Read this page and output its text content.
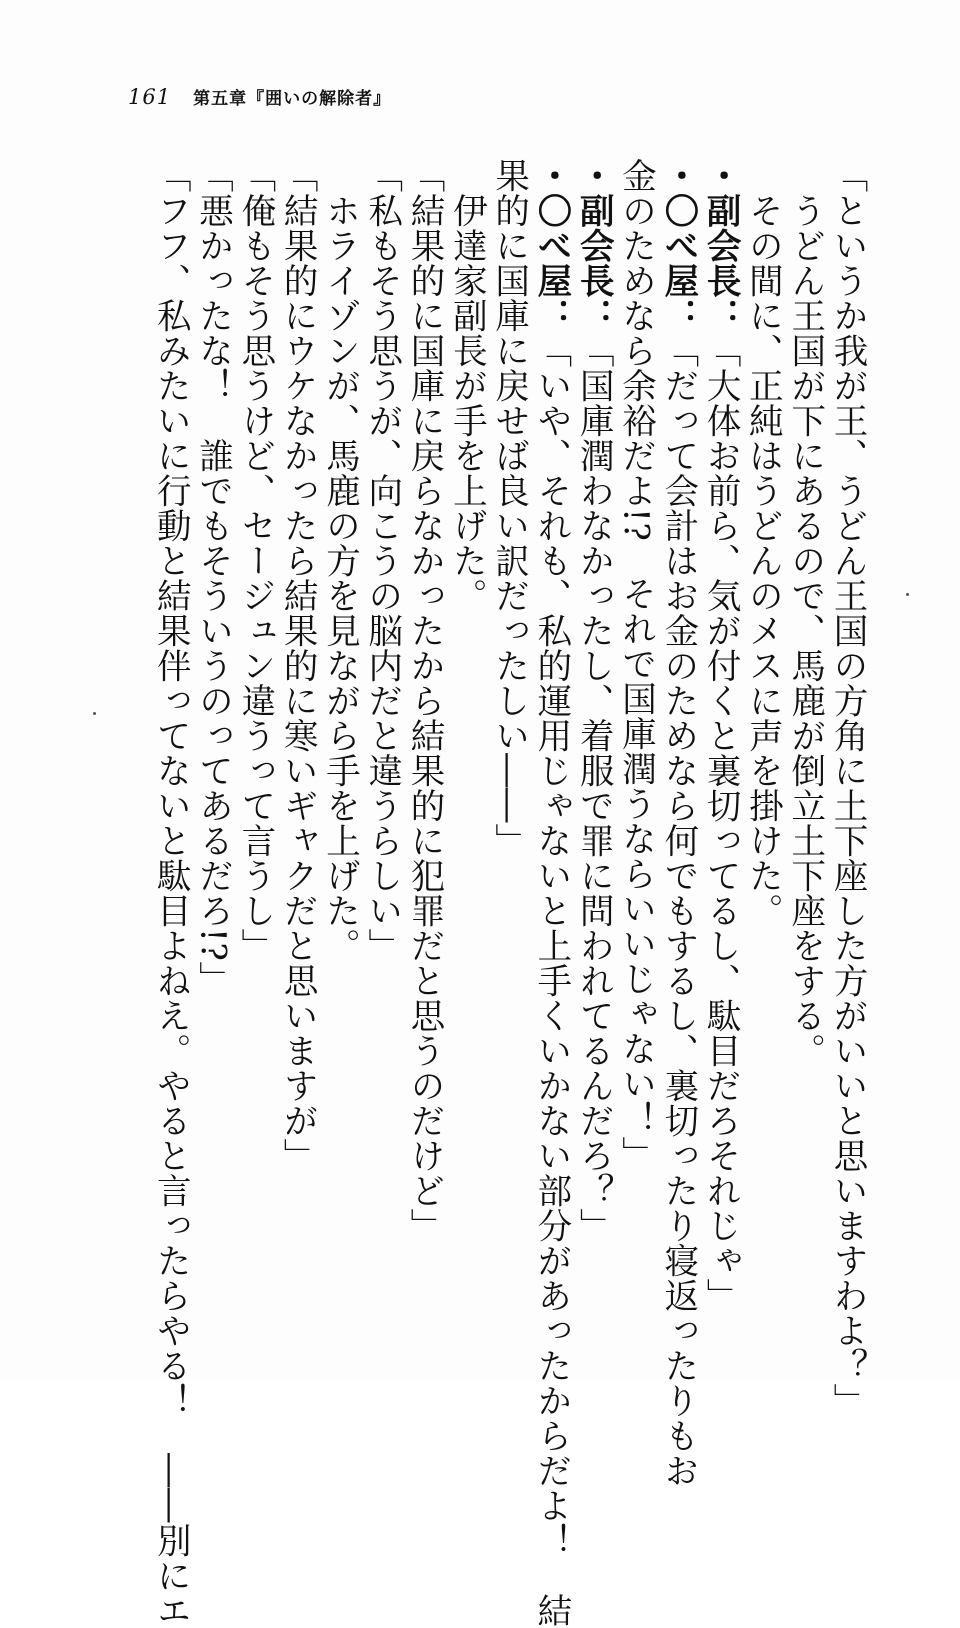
161 第五章『囲いの解除者』
「というか我が王、うどん王国の方角に土下座した方がいいと思いますわよ？」
うどん王国が下にあるので、馬鹿が倒立土下座をする。
その間に、正純はうどんのメスに声を掛けた。
・副会長：「大体お前ら、気が付くと裏切ってるし、駄目だろそれじゃ」
・〇べ屋：「だって会計はお金のためなら何でもするし、裏切ったり寝返ったりもお
金のためなら余裕だよ!?　それで国庫潤うならいいじゃない！」
・副会長：「国庫潤わなかったし、着服で罪に問われてるんだろ？」
・〇べ屋：「いや、それも、私的運用じゃないと上手くいかない部分があったからだよ！　結
果的に国庫に戻せば良い訳だったしい――」
伊達家副長が手を上げた。
「結果的に国庫に戻らなかったから結果的に犯罪だと思うのだけど」
「私もそう思うが、向こうの脳内だと違うらしい」
ホライゾンが、馬鹿の方を見ながら手を上げた。
「結果的にウケなかったら結果的に寒いギャクだと思いますが」
「俺もそう思うけど、セージュン違うって言うし」
「悪かったな！　誰でもそういうのってあるだろ!?」
「フフ、私みたいに行動と結果伴ってないと駄目よねえ。やると言ったらやる！　――別にエ
